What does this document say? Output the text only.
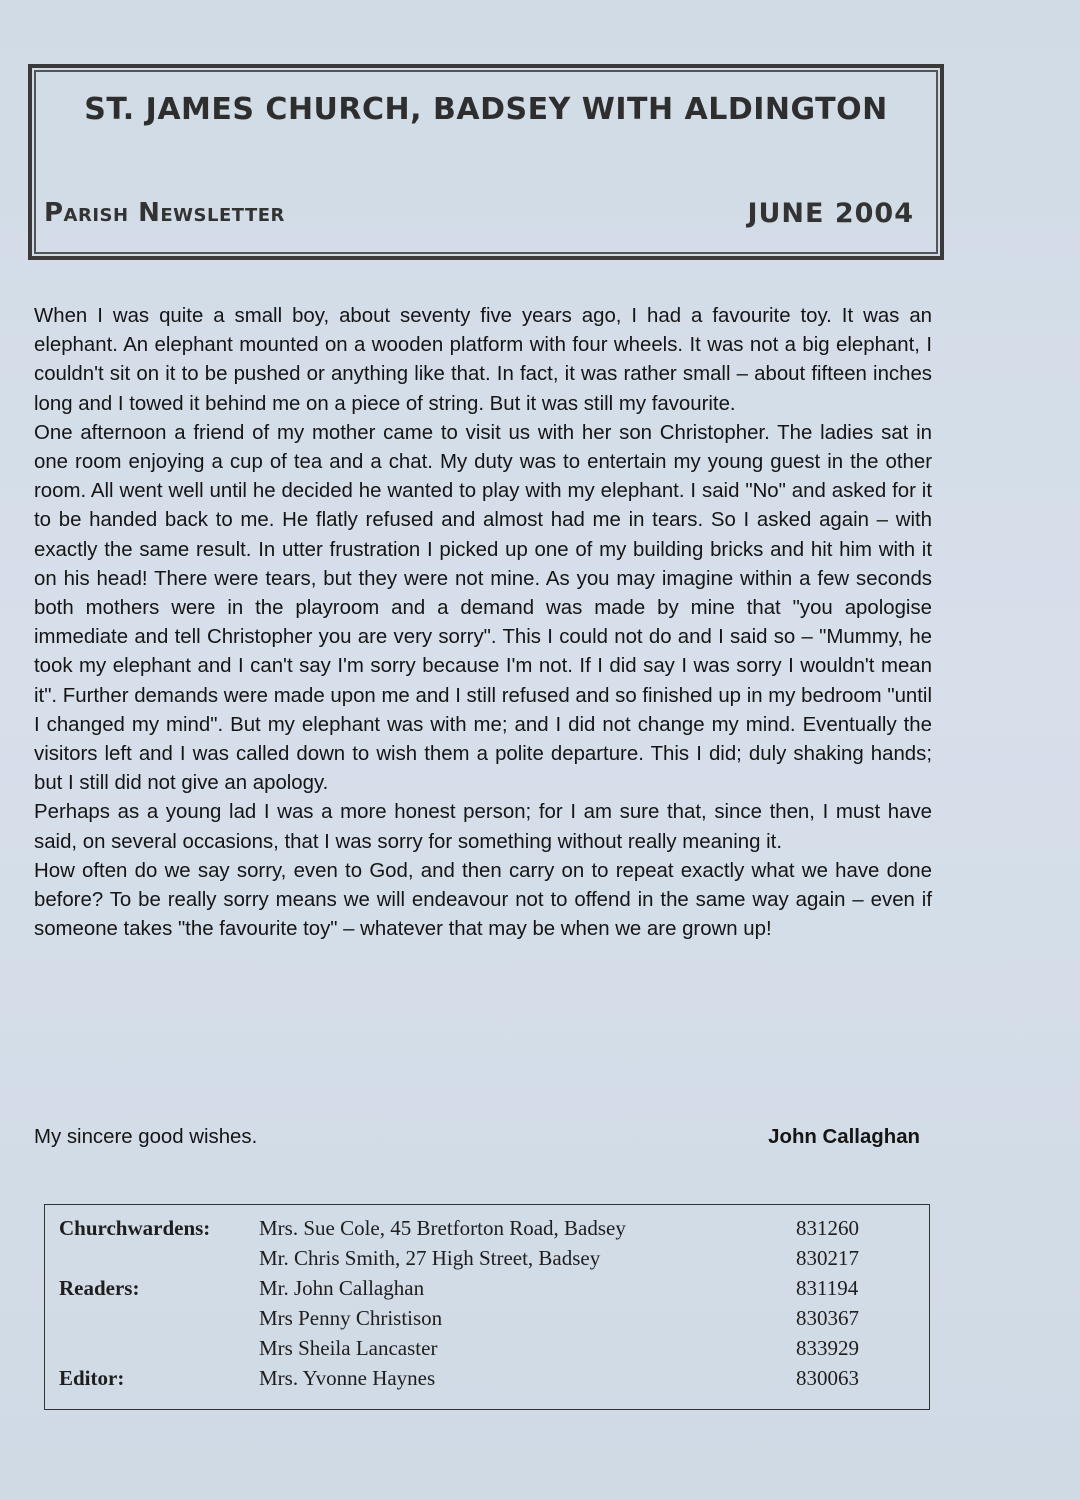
ST. JAMES CHURCH, BADSEY WITH ALDINGTON
Parish Newsletter	JUNE 2004

When I was quite a small boy, about seventy five years ago, I had a favourite toy. It was an elephant. An elephant mounted on a wooden platform with four wheels. It was not a big elephant, I couldn't sit on it to be pushed or anything like that. In fact, it was rather small – about fifteen inches long and I towed it behind me on a piece of string. But it was still my favourite.

One afternoon a friend of my mother came to visit us with her son Christopher. The ladies sat in one room enjoying a cup of tea and a chat. My duty was to entertain my young guest in the other room. All went well until he decided he wanted to play with my elephant. I said "No" and asked for it to be handed back to me. He flatly refused and almost had me in tears. So I asked again – with exactly the same result. In utter frustration I picked up one of my building bricks and hit him with it on his head! There were tears, but they were not mine. As you may imagine within a few seconds both mothers were in the playroom and a demand was made by mine that "you apologise immediate and tell Christopher you are very sorry". This I could not do and I said so – "Mummy, he took my elephant and I can't say I'm sorry because I'm not. If I did say I was sorry I wouldn't mean it". Further demands were made upon me and I still refused and so finished up in my bedroom "until I changed my mind". But my elephant was with me; and I did not change my mind. Eventually the visitors left and I was called down to wish them a polite departure. This I did; duly shaking hands; but I still did not give an apology.

Perhaps as a young lad I was a more honest person; for I am sure that, since then, I must have said, on several occasions, that I was sorry for something without really meaning it.

How often do we say sorry, even to God, and then carry on to repeat exactly what we have done before? To be really sorry means we will endeavour not to offend in the same way again – even if someone takes "the favourite toy" – whatever that may be when we are grown up!

My sincere good wishes.	John Callaghan
Churchwardens:	Mrs. Sue Cole, 45 Bretforton Road, Badsey	831260
	Mr. Chris Smith, 27 High Street, Badsey	830217
Readers:	Mr. John Callaghan	831194
	Mrs Penny Christison	830367
	Mrs Sheila Lancaster	833929
Editor:	Mrs. Yvonne Haynes	830063
